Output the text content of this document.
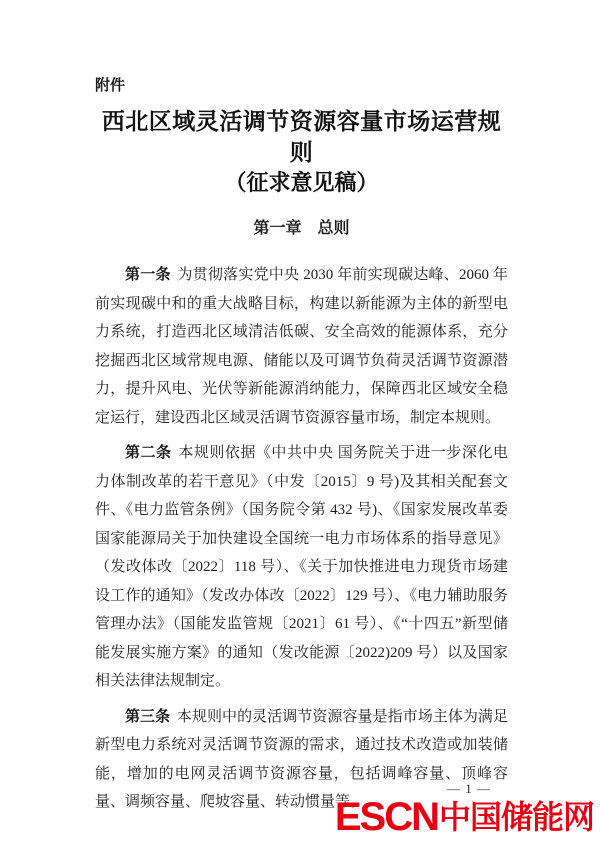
附件
西北区域灵活调节资源容量市场运营规则
（征求意见稿）
第一章　总则

第一条 为贯彻落实党中央 2030 年前实现碳达峰、2060 年前实现碳中和的重大战略目标，构建以新能源为主体的新型电力系统，打造西北区域清洁低碳、安全高效的能源体系，充分挖掘西北区域常规电源、储能以及可调节负荷灵活调节资源潜力，提升风电、光伏等新能源消纳能力，保障西北区域安全稳定运行，建设西北区域灵活调节资源容量市场，制定本规则。

第二条 本规则依据《中共中央 国务院关于进一步深化电力体制改革的若干意见》（中发〔2015〕9 号)及其相关配套文件、《电力监管条例》（国务院令第 432 号)、《国家发展改革委 国家能源局关于加快建设全国统一电力市场体系的指导意见》（发改体改〔2022〕118 号）、《关于加快推进电力现货市场建设工作的通知》（发改办体改〔2022〕129 号）、《电力辅助服务管理办法》（国能发监管规〔2021〕61 号）、《“十四五”新型储能发展实施方案》的通知（发改能源〔2022)209 号）以及国家相关法律法规制定。

第三条 本规则中的灵活调节资源容量是指市场主体为满足新型电力系统对灵活调节资源的需求，通过技术改造或加装储能，增加的电网灵活调节资源容量，包括调峰容量、顶峰容量、调频容量、爬坡容量、转动惯量等。

— 1 —
ESCN中国储能网
